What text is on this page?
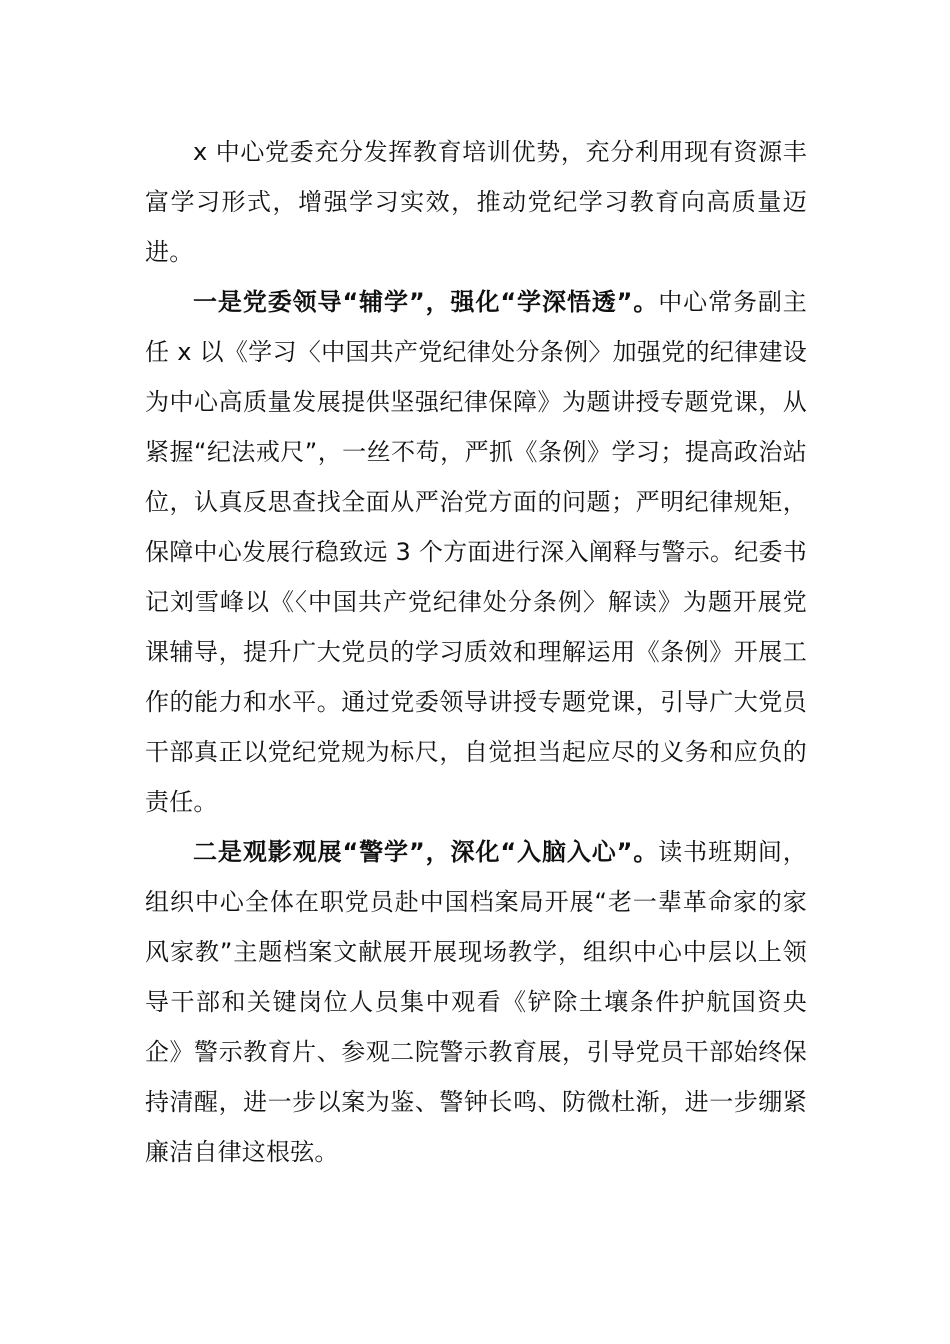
x 中心党委充分发挥教育培训优势，充分利用现有资源丰富学习形式，增强学习实效，推动党纪学习教育向高质量迈进。

一是党委领导“辅学”，强化“学深悟透”。中心常务副主任 x 以《学习〈中国共产党纪律处分条例〉加强党的纪律建设为中心高质量发展提供坚强纪律保障》为题讲授专题党课，从紧握“纪法戒尺”，一丝不苟，严抓《条例》学习；提高政治站位，认真反思查找全面从严治党方面的问题；严明纪律规矩，保障中心发展行稳致远 3 个方面进行深入阐释与警示。纪委书记刘雪峰以《〈中国共产党纪律处分条例〉解读》为题开展党课辅导，提升广大党员的学习质效和理解运用《条例》开展工作的能力和水平。通过党委领导讲授专题党课，引导广大党员干部真正以党纪党规为标尺，自觉担当起应尽的义务和应负的责任。

二是观影观展“警学”，深化“入脑入心”。读书班期间，组织中心全体在职党员赴中国档案局开展“老一辈革命家的家风家教”主题档案文献展开展现场教学，组织中心中层以上领导干部和关键岗位人员集中观看《铲除土壤条件护航国资央企》警示教育片、参观二院警示教育展，引导党员干部始终保持清醒，进一步以案为鉴、警钟长鸣、防微杜渐，进一步绷紧廉洁自律这根弦。
